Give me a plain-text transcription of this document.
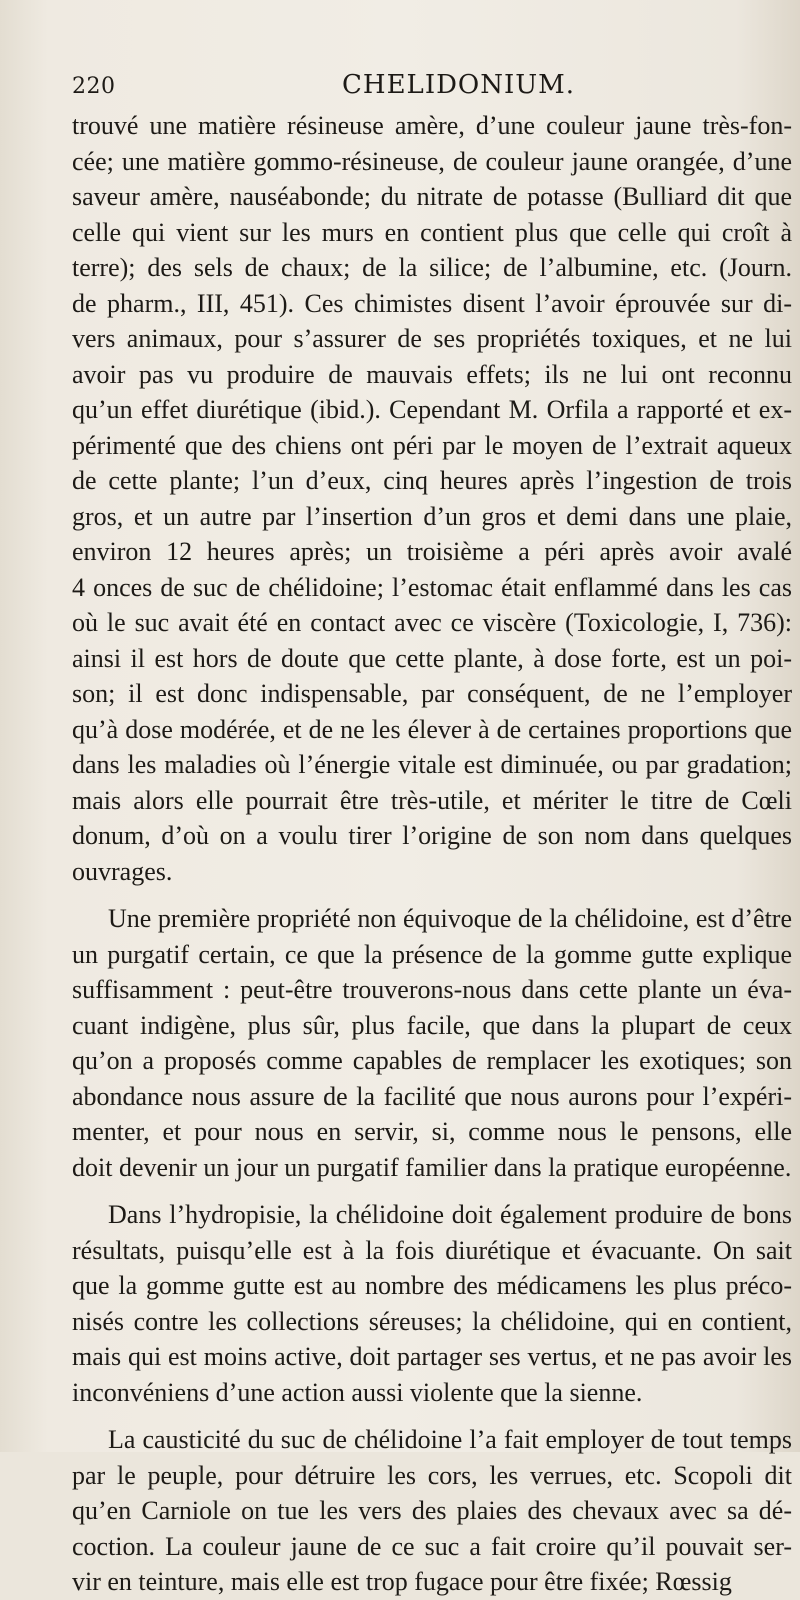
220	CHELIDONIUM.

trouvé une matière résineuse amère, d’une couleur jaune très-fon-
cée; une matière gommo-résineuse, de couleur jaune orangée, d’une
saveur amère, nauséabonde; du nitrate de potasse (Bulliard dit que
celle qui vient sur les murs en contient plus que celle qui croît à
terre); des sels de chaux; de la silice; de l’albumine, etc. (Journ.
de pharm., III, 451). Ces chimistes disent l’avoir éprouvée sur di-
vers animaux, pour s’assurer de ses propriétés toxiques, et ne lui
avoir pas vu produire de mauvais effets; ils ne lui ont reconnu
qu’un effet diurétique (ibid.). Cependant M. Orfila a rapporté et ex-
périmenté que des chiens ont péri par le moyen de l’extrait aqueux
de cette plante; l’un d’eux, cinq heures après l’ingestion de trois
gros, et un autre par l’insertion d’un gros et demi dans une plaie,
environ 12 heures après; un troisième a péri après avoir avalé
4 onces de suc de chélidoine; l’estomac était enflammé dans les cas
où le suc avait été en contact avec ce viscère (Toxicologie, I, 736):
ainsi il est hors de doute que cette plante, à dose forte, est un poi-
son; il est donc indispensable, par conséquent, de ne l’employer
qu’à dose modérée, et de ne les élever à de certaines proportions que
dans les maladies où l’énergie vitale est diminuée, ou par gradation;
mais alors elle pourrait être très-utile, et mériter le titre de Cœli
donum, d’où on a voulu tirer l’origine de son nom dans quelques
ouvrages.

Une première propriété non équivoque de la chélidoine, est d’être
un purgatif certain, ce que la présence de la gomme gutte explique
suffisamment : peut-être trouverons-nous dans cette plante un éva-
cuant indigène, plus sûr, plus facile, que dans la plupart de ceux
qu’on a proposés comme capables de remplacer les exotiques; son
abondance nous assure de la facilité que nous aurons pour l’expéri-
menter, et pour nous en servir, si, comme nous le pensons, elle
doit devenir un jour un purgatif familier dans la pratique européenne.

Dans l’hydropisie, la chélidoine doit également produire de bons
résultats, puisqu’elle est à la fois diurétique et évacuante. On sait
que la gomme gutte est au nombre des médicamens les plus préco-
nisés contre les collections séreuses; la chélidoine, qui en contient,
mais qui est moins active, doit partager ses vertus, et ne pas avoir les
inconvéniens d’une action aussi violente que la sienne.

La causticité du suc de chélidoine l’a fait employer de tout temps
par le peuple, pour détruire les cors, les verrues, etc. Scopoli dit
qu’en Carniole on tue les vers des plaies des chevaux avec sa dé-
coction. La couleur jaune de ce suc a fait croire qu’il pouvait ser-
vir en teinture, mais elle est trop fugace pour être fixée; Rœssig
